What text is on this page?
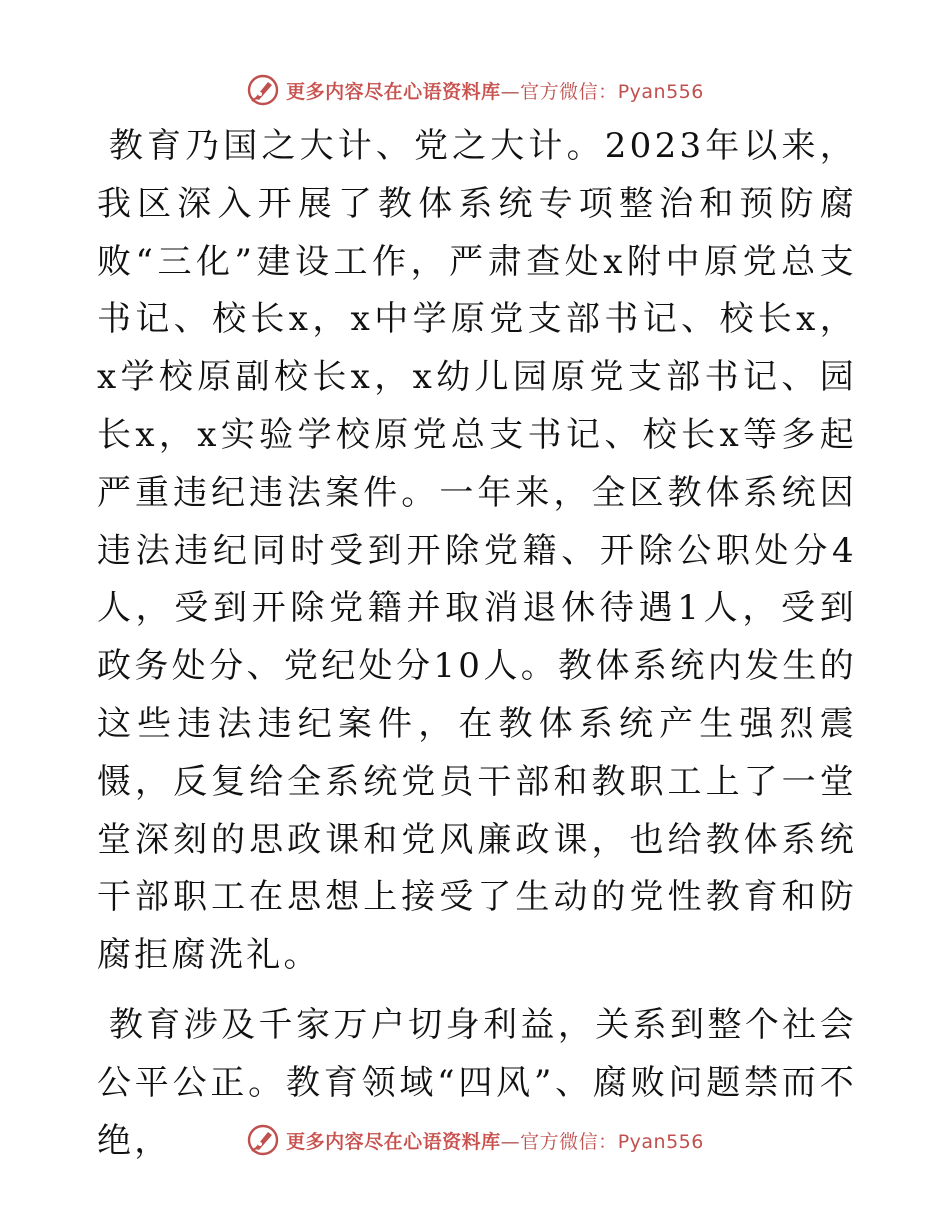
更多内容尽在心语资料库—官方微信：Pyan556

教育乃国之大计、党之大计。2023年以来，我区深入开展了教体系统专项整治和预防腐败“三化”建设工作，严肃查处x附中原党总支书记、校长x，x中学原党支部书记、校长x，x学校原副校长x，x幼儿园原党支部书记、园长x，x实验学校原党总支书记、校长x等多起严重违纪违法案件。一年来，全区教体系统因违法违纪同时受到开除党籍、开除公职处分4人，受到开除党籍并取消退休待遇1人，受到政务处分、党纪处分10人。教体系统内发生的这些违法违纪案件，在教体系统产生强烈震慑，反复给全系统党员干部和教职工上了一堂堂深刻的思政课和党风廉政课，也给教体系统干部职工在思想上接受了生动的党性教育和防腐拒腐洗礼。

教育涉及千家万户切身利益，关系到整个社会公平公正。教育领域“四风”、腐败问题禁而不绝，	更多内容尽在心语资料库—官方微信：Pyan556
